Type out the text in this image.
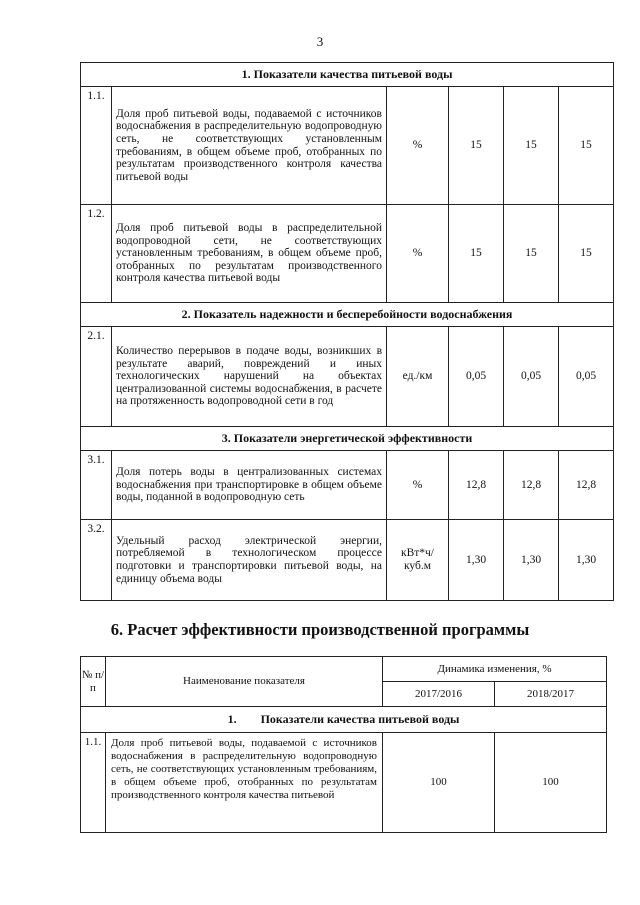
3
1. Показатели качества питьевой воды					
1.1.	Доля проб питьевой воды, подаваемой с источников водоснабжения в распределительную водопроводную сеть, не соответствующих установленным требованиям, в общем объеме проб, отобранных по результатам производственного контроля качества питьевой воды	%	15	15	15
1.2.	Доля проб питьевой воды в распределительной водопроводной сети, не соответствующих установленным требованиям, в общем объеме проб, отобранных по результатам производственного контроля качества питьевой воды	%	15	15	15
2. Показатель надежности и бесперебойности водоснабжения					
2.1.	Количество перерывов в подаче воды, возникших в результате аварий, повреждений и иных технологических нарушений на объектах централизованной системы водоснабжения, в расчете на протяженность водопроводной сети в год	ед./км	0,05	0,05	0,05
3. Показатели энергетической эффективности					
3.1.	Доля потерь воды в централизованных системах водоснабжения при транспортировке в общем объеме воды, поданной в водопроводную сеть	%	12,8	12,8	12,8
3.2.	Удельный расход электрической энергии, потребляемой в технологическом процессе подготовки и транспортировки питьевой воды, на единицу объема воды	кВт*ч/ куб.м	1,30	1,30	1,30
6. Расчет эффективности производственной программы
№ п/п	Наименование показателя	Динамика изменения, %	
		2017/2016	2018/2017
1. Показатели качества питьевой воды			
1.1.	Доля проб питьевой воды, подаваемой с источников водоснабжения в распределительную водопроводную сеть, не соответствующих установленным требованиям, в общем объеме проб, отобранных по результатам производственного контроля качества питьевой	100	100
